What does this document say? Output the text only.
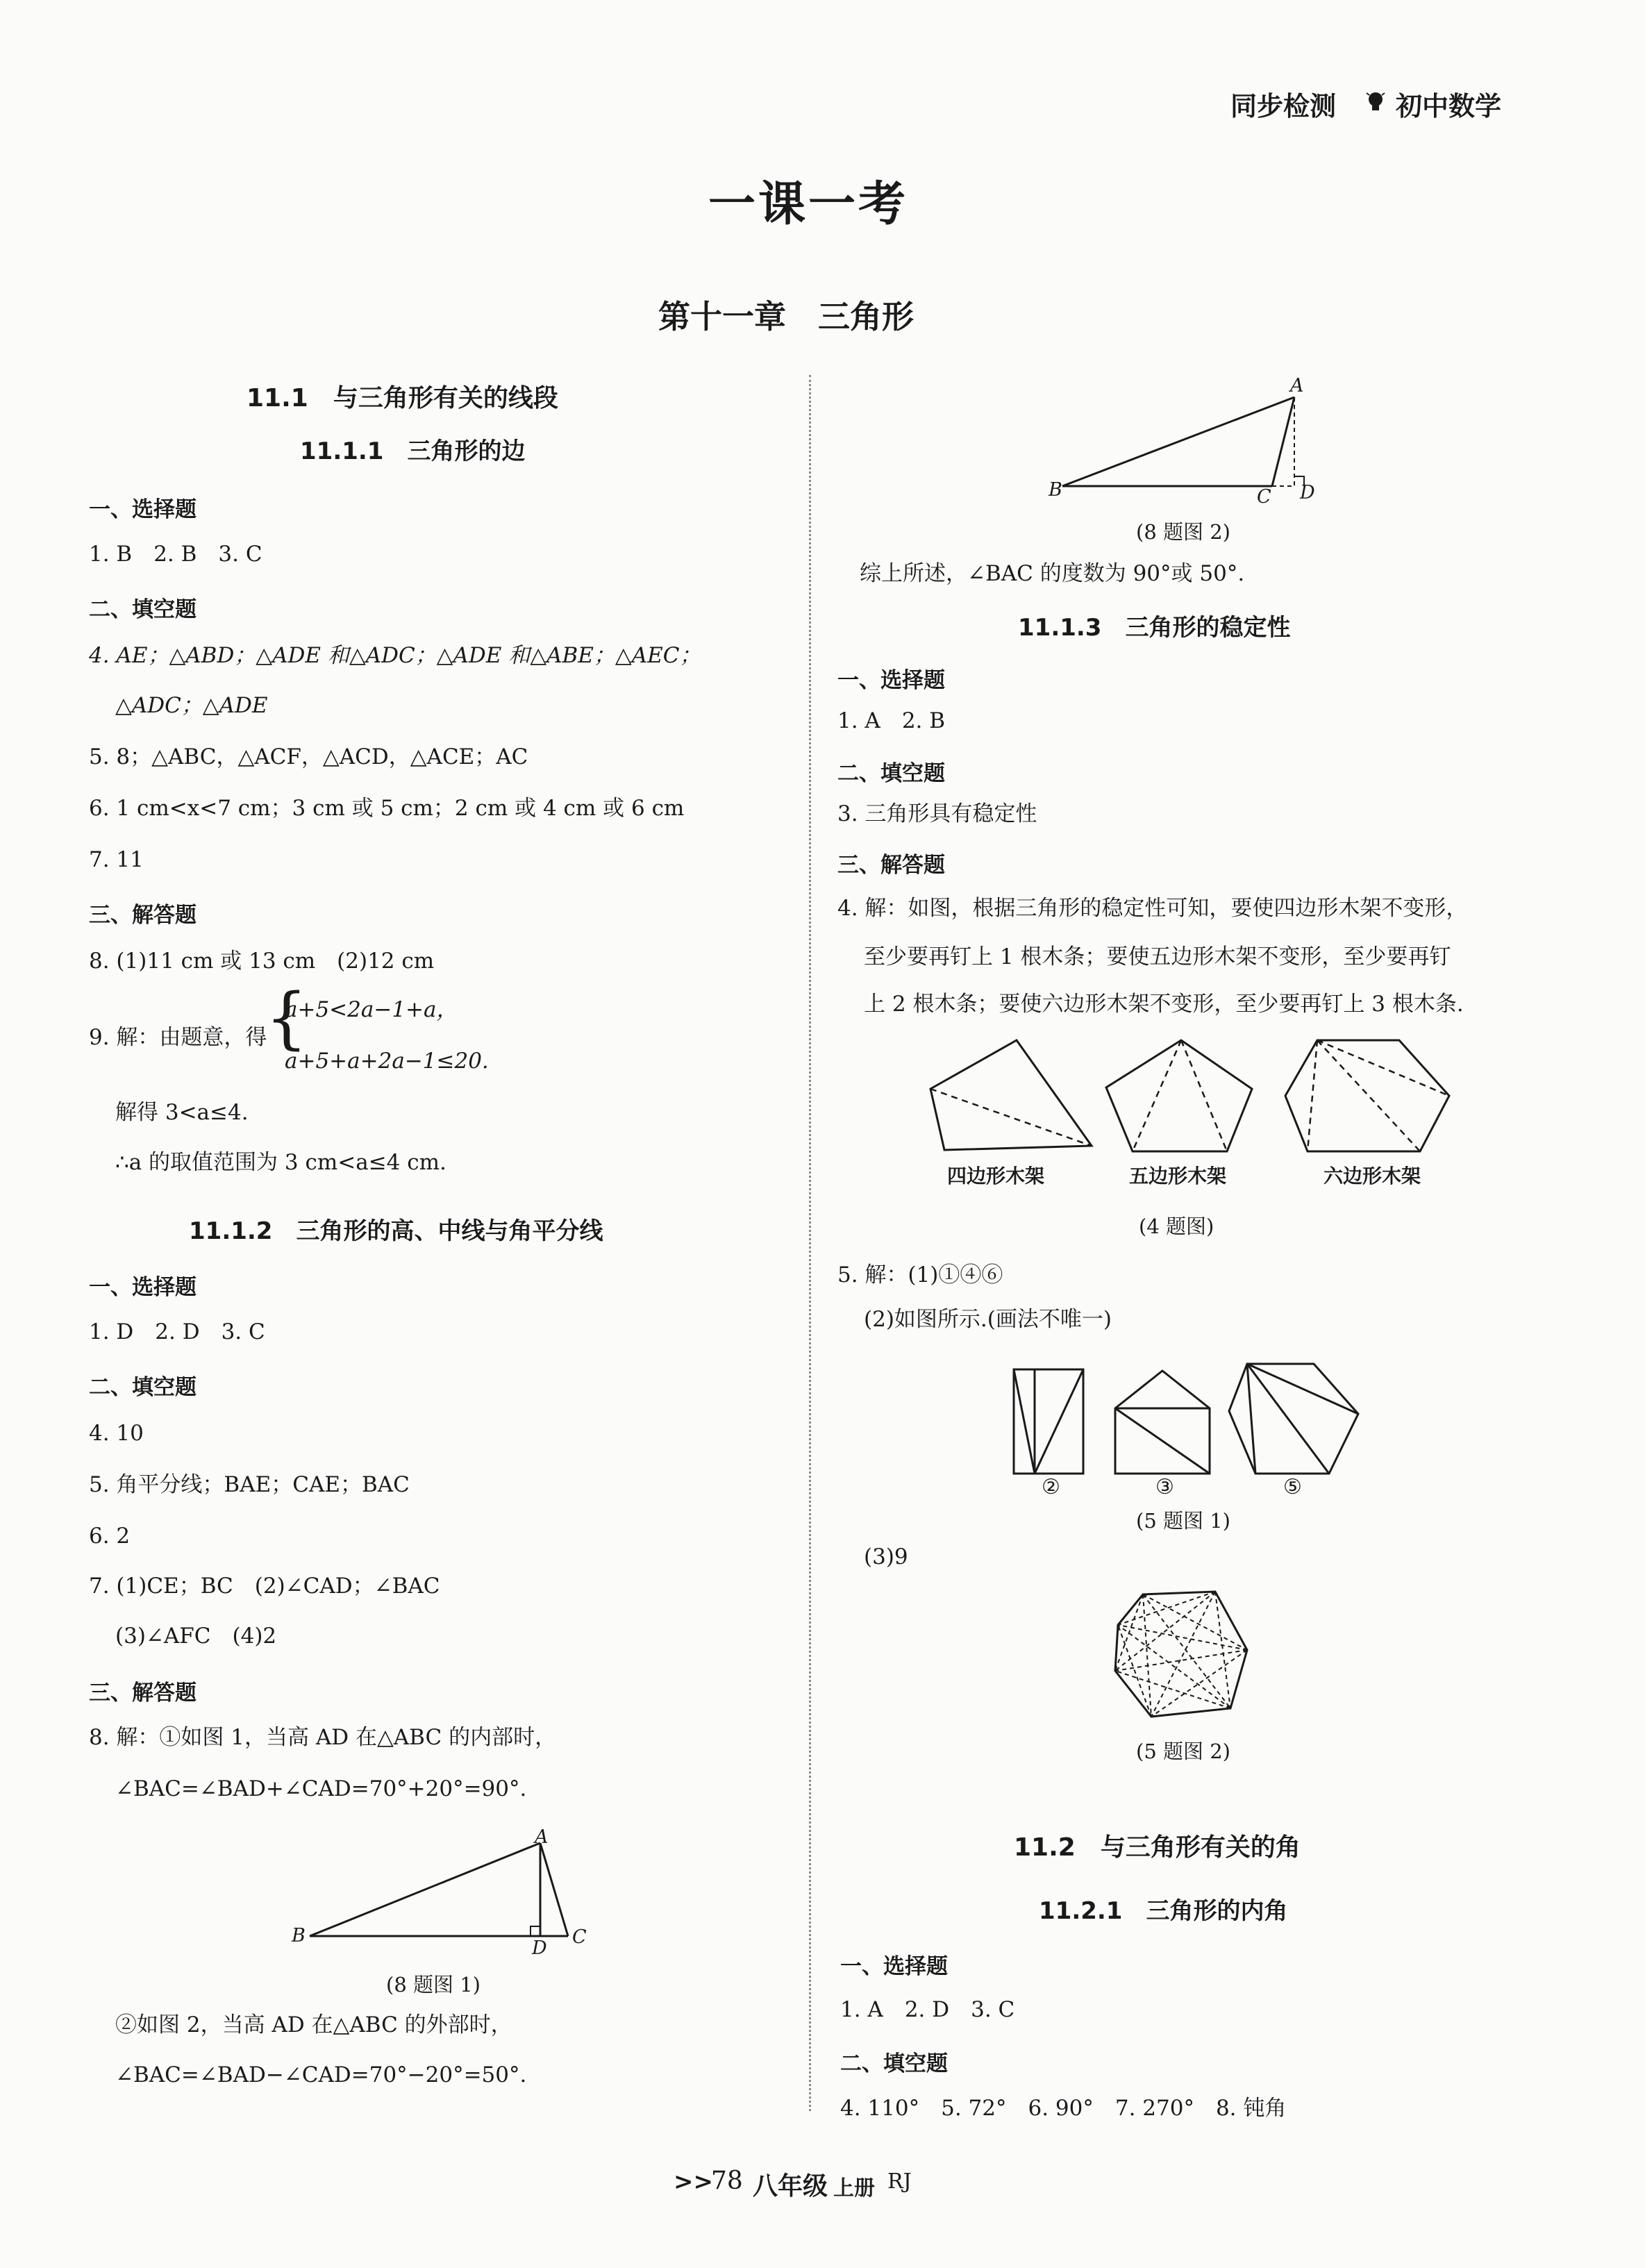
同步检测 初中数学
一课一考
第十一章　三角形
11.1　与三角形有关的线段
11.1.1　三角形的边
一、选择题
1. B　2. B　3. C
二、填空题
4. AE；△ABD；△ADE 和△ADC；△ADE 和△ABE；△AEC；
△ADC；△ADE
5. 8；△ABC，△ACF，△ACD，△ACE；AC
6. 1 cm<x<7 cm；3 cm 或 5 cm；2 cm 或 4 cm 或 6 cm
7. 11
三、解答题
8. (1)11 cm 或 13 cm　(2)12 cm
9. 解：由题意，得
{
a+5<2a−1+a，
a+5+a+2a−1≤20.
解得 3<a≤4.
∴a 的取值范围为 3 cm<a≤4 cm.
11.1.2　三角形的高、中线与角平分线
一、选择题
1. D　2. D　3. C
二、填空题
4. 10
5. 角平分线；BAE；CAE；BAC
6. 2
7. (1)CE；BC　(2)∠CAD；∠BAC
(3)∠AFC　(4)2
三、解答题
8. 解：①如图 1，当高 AD 在△ABC 的内部时，
∠BAC=∠BAD+∠CAD=70°+20°=90°.
A
B
D
C
(8 题图 1)
②如图 2，当高 AD 在△ABC 的外部时，
∠BAC=∠BAD−∠CAD=70°−20°=50°.
A
B	C D
(8 题图 2)
综上所述，∠BAC 的度数为 90°或 50°.
11.1.3　三角形的稳定性
一、选择题
1. A　2. B
二、填空题
3. 三角形具有稳定性
三、解答题
4. 解：如图，根据三角形的稳定性可知，要使四边形木架不变形，
至少要再钉上 1 根木条；要使五边形木架不变形，至少要再钉
上 2 根木条；要使六边形木架不变形，至少要再钉上 3 根木条.
四边形木架	五边形木架	六边形木架
(4 题图)
5. 解：(1)①④⑥
(2)如图所示.(画法不唯一)
②	③	⑤
(5 题图 1)
(3)9
(5 题图 2)
11.2　与三角形有关的角
11.2.1　三角形的内角
一、选择题
1. A　2. D　3. C
二、填空题
4. 110°　5. 72°　6. 90°　7. 270°　8. 钝角
>>
78 八年级 上册 RJ
